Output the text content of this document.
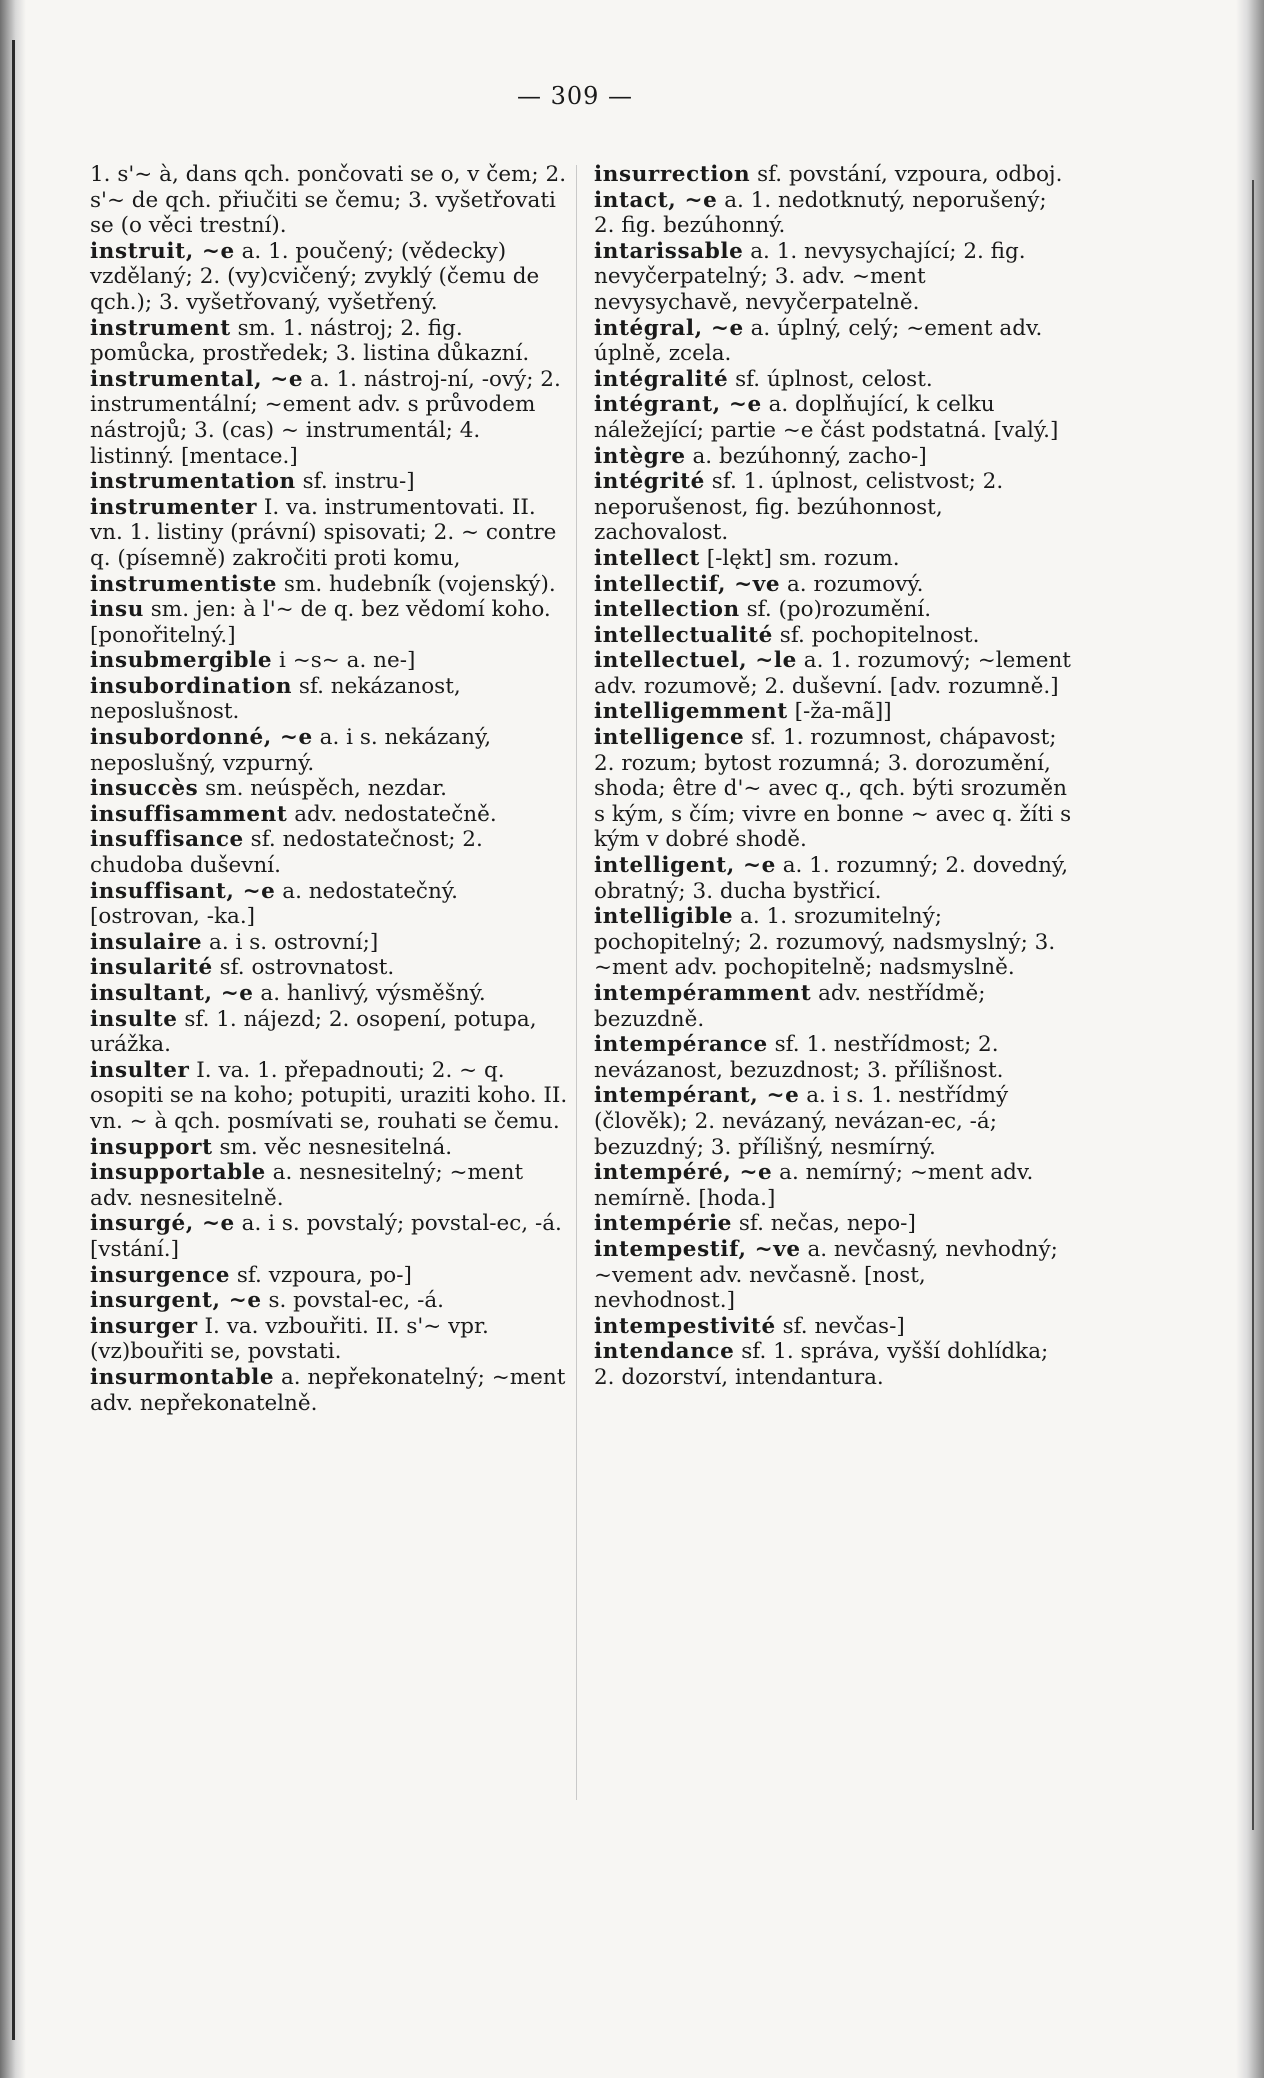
— 309 —

1. s'~ à, dans qch. pončovati se o, v čem; 2. s'~ de qch. přiučiti se čemu; 3. vyšetřovati se (o věci trestní).

instruit, ~e a. 1. poučený; (vědecky) vzdělaný; 2. (vy)cvičený; zvyklý (čemu de qch.); 3. vyšetřovaný, vyšetřený.

instrument sm. 1. nástroj; 2. fig. pomůcka, prostředek; 3. listina důkazní.

instrumental, ~e a. 1. nástroj-ní, -ový; 2. instrumentální; ~ement adv. s průvodem nástrojů; 3. (cas) ~ instrumentál; 4. listinný. [mentace.]

instrumentation sf. instru-]

instrumenter I. va. instrumentovati. II. vn. 1. listiny (právní) spisovati; 2. ~ contre q. (písemně) zakročiti proti komu,

instrumentiste sm. hudebník (vojenský).

insu sm. jen: à l'~ de q. bez vědomí koho. [ponořitelný.]

insubmergible i ~s~ a. ne-]

insubordination sf. nekázanost, neposlušnost.

insubordonné, ~e a. i s. nekázaný, neposlušný, vzpurný.

insuccès sm. neúspěch, nezdar.

insuffisamment adv. nedostatečně.

insuffisance sf. nedostatečnost; 2. chudoba duševní.

insuffisant, ~e a. nedostatečný. [ostrovan, -ka.]

insulaire a. i s. ostrovní;]

insularité sf. ostrovnatost.

insultant, ~e a. hanlivý, výsměšný.

insulte sf. 1. nájezd; 2. osopení, potupa, urážka.

insulter I. va. 1. přepadnouti; 2. ~ q. osopiti se na koho; potupiti, uraziti koho. II. vn. ~ à qch. posmívati se, rouhati se čemu.

insupport sm. věc nesnesitelná.

insupportable a. nesnesitelný; ~ment adv. nesnesitelně.

insurgé, ~e a. i s. povstalý; povstal-ec, -á. [vstání.]

insurgence sf. vzpoura, po-]

insurgent, ~e s. povstal-ec, -á.

insurger I. va. vzbouřiti. II. s'~ vpr. (vz)bouřiti se, povstati.

insurmontable a. nepřekonatelný; ~ment adv. nepřekonatelně.

insurrection sf. povstání, vzpoura, odboj.

intact, ~e a. 1. nedotknutý, neporušený; 2. fig. bezúhonný.

intarissable a. 1. nevysychající; 2. fig. nevyčerpatelný; 3. adv. ~ment nevysychavě, nevyčerpatelně.

intégral, ~e a. úplný, celý; ~ement adv. úplně, zcela.

intégralité sf. úplnost, celost.

intégrant, ~e a. doplňující, k celku náležející; partie ~e část podstatná. [valý.]

intègre a. bezúhonný, zacho-]

intégrité sf. 1. úplnost, celistvost; 2. neporušenost, fig. bezúhonnost, zachovalost.

intellect [-lękt] sm. rozum.

intellectif, ~ve a. rozumový.

intellection sf. (po)rozumění.

intellectualité sf. pochopitelnost.

intellectuel, ~le a. 1. rozumový; ~lement adv. rozumově; 2. duševní. [adv. rozumně.]

intelligemment [-ža-mã]]

intelligence sf. 1. rozumnost, chápavost; 2. rozum; bytost rozumná; 3. dorozumění, shoda; être d'~ avec q., qch. býti srozuměn s kým, s čím; vivre en bonne ~ avec q. žíti s kým v dobré shodě.

intelligent, ~e a. 1. rozumný; 2. dovedný, obratný; 3. ducha bystřicí.

intelligible a. 1. srozumitelný; pochopitelný; 2. rozumový, nadsmyslný; 3. ~ment adv. pochopitelně; nadsmyslně.

intempéramment adv. nestřídmě; bezuzdně.

intempérance sf. 1. nestřídmost; 2. nevázanost, bezuzdnost; 3. přílišnost.

intempérant, ~e a. i s. 1. nestřídmý (člověk); 2. nevázaný, nevázan-ec, -á; bezuzdný; 3. přílišný, nesmírný.

intempéré, ~e a. nemírný; ~ment adv. nemírně. [hoda.]

intempérie sf. nečas, nepo-]

intempestif, ~ve a. nevčasný, nevhodný; ~vement adv. nevčasně. [nost, nevhodnost.]

intempestivité sf. nevčas-]

intendance sf. 1. správa, vyšší dohlídka; 2. dozorství, intendantura.
